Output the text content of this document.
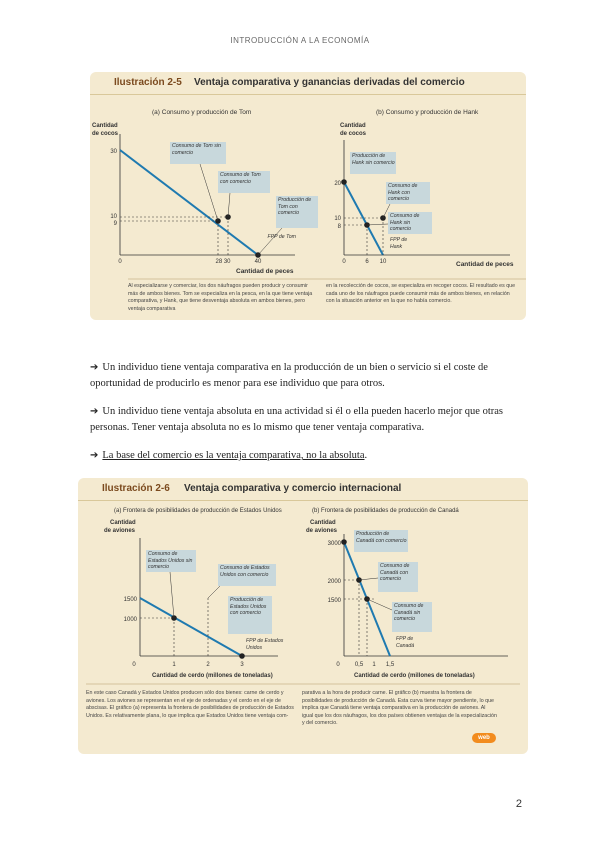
INTRODUCCIÓN A LA ECONOMÍA
Ilustración 2-5 Ventaja comparativa y ganancias derivadas del comercio
(a) Consumo y producción de Tom
Cantidad
de cocos
30
10
9
0	28 30	40
Cantidad de peces
Consumo de Tom sin comercio
Consumo de Tom con comercio
Producción de Tom con comercio
FPP de Tom
(b) Consumo y producción de Hank
Cantidad
de cocos
20
10
8
0	6 10	Cantidad de peces
Producción de Hank sin comercio
Consumo de Hank con comercio
Consumo de Hank sin comercio
FPP de Hank
Al especializarse y comerciar, los dos náufragos pueden producir y consumir más de ambos bienes. Tom se especializa en la pesca, en la que tiene ventaja comparativa, y Hank, que tiene desventaja absoluta en ambos bienes, pero ventaja comparativa
en la recolección de cocos, se especializa en recoger cocos. El resultado es que cada uno de los náufragos puede consumir más de ambos bienes, en relación con la situación anterior en la que no había comercio.
➔ Un individuo tiene ventaja comparativa en la producción de un bien o servicio si el coste de oportunidad de producirlo es menor para ese individuo que para otros.
➔ Un individuo tiene ventaja absoluta en una actividad si él o ella pueden hacerlo mejor que otras personas. Tener ventaja absoluta no es lo mismo que tener ventaja comparativa.
➔ La base del comercio es la ventaja comparativa, no la absoluta.
Ilustración 2-6 Ventaja comparativa y comercio internacional
(a) Frontera de posibilidades de producción de Estados Unidos
Cantidad
de aviones
1500
1000
0	1	2	3
Cantidad de cerdo (millones de toneladas)
Consumo de Estados Unidos sin comercio	Consumo de Estados Unidos con comercio
Producción de Estados Unidos con comercio
FPP de Estados Unidos
(b) Frontera de posibilidades de producción de Canadá
Cantidad
de aviones
3000
2000
1500
0	0,5 1 1,5
Cantidad de cerdo (millones de toneladas)
Producción de Canadá con comercio
Consumo de Canadá con comercio
Consumo de Canadá sin comercio
FPP de Canadá
En este caso Canadá y Estados Unidos producen sólo dos bienes: carne de cerdo y aviones. Los aviones se representan en el eje de ordenadas y el cerdo en el eje de abscisas. El gráfico (a) representa la frontera de posibilidades de producción de Estados Unidos. Es relativamente plana, lo que implica que Estados Unidos tiene ventaja com-
parativa a la hora de producir carne. El gráfico (b) muestra la frontera de posibilidades de producción de Canadá. Esta curva tiene mayor pendiente, lo que implica que Canadá tiene ventaja comparativa en la producción de aviones. Al igual que los dos náufragos, los dos países obtienen ventajas de la especialización y del comercio.
web
2
